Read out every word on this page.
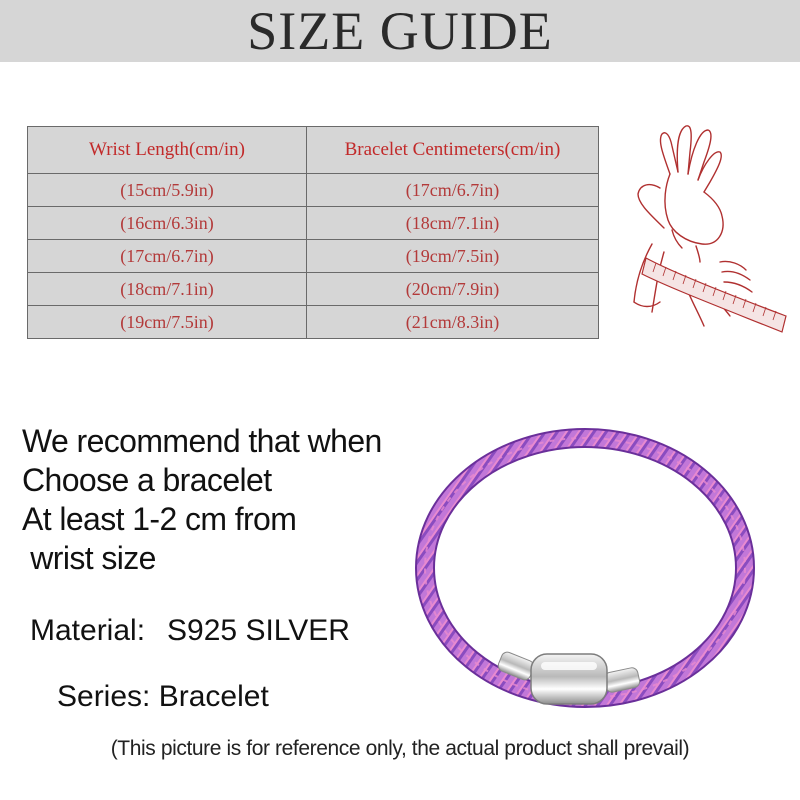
SIZE GUIDE
Wrist Length(cm/in)	Bracelet Centimeters(cm/in)
(15cm/5.9in)	(17cm/6.7in)
(16cm/6.3in)	(18cm/7.1in)
(17cm/6.7in)	(19cm/7.5in)
(18cm/7.1in)	(20cm/7.9in)
(19cm/7.5in)	(21cm/8.3in)
We recommend that when
Choose a bracelet
At least 1-2 cm from
wrist size
Material: S925 SILVER
Series: Bracelet
(This picture is for reference only, the actual product shall prevail)
